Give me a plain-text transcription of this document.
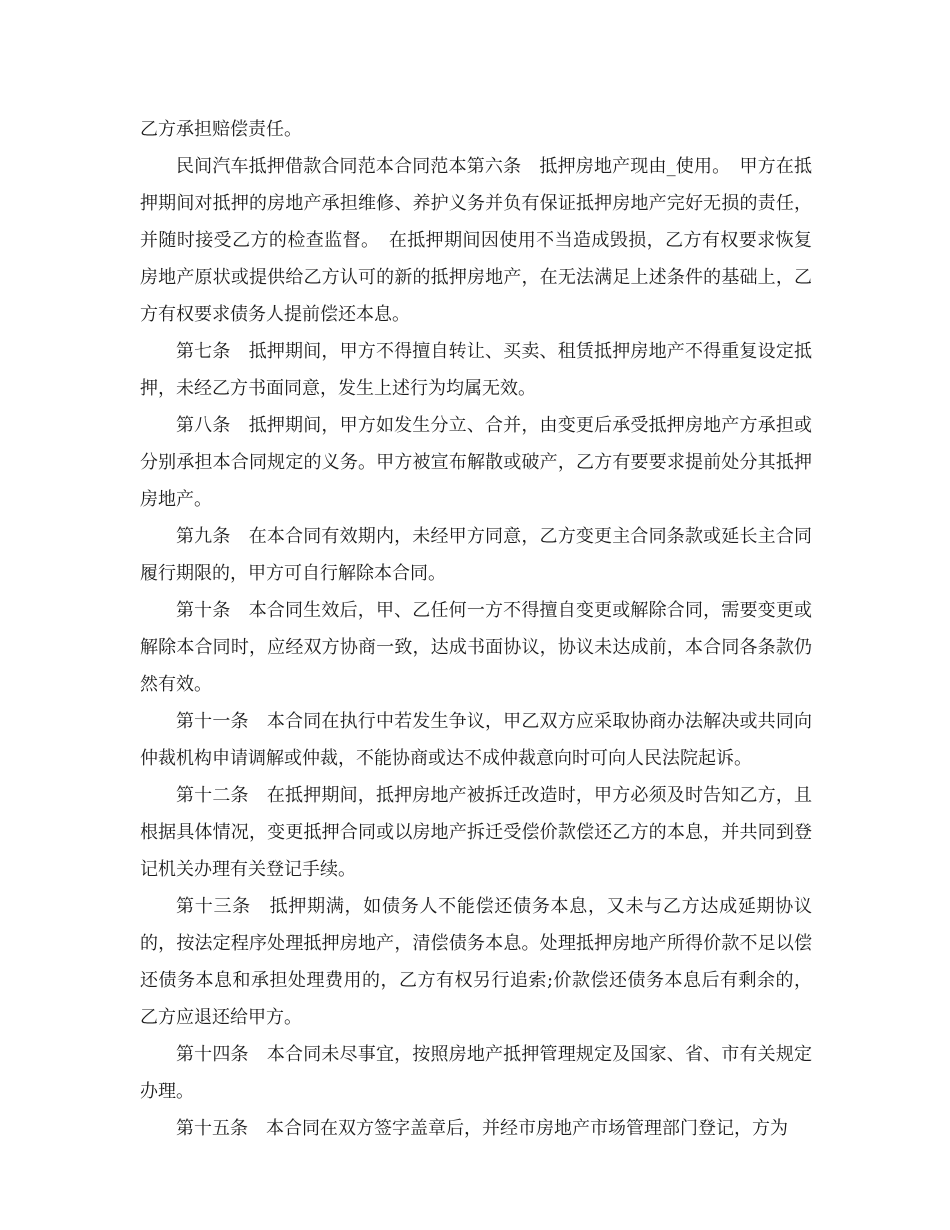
乙方承担赔偿责任。

民间汽车抵押借款合同范本合同范本第六条　抵押房地产现由_使用。　甲方在抵押期间对抵押的房地产承担维修、养护义务并负有保证抵押房地产完好无损的责任，并随时接受乙方的检查监督。　在抵押期间因使用不当造成毁损，乙方有权要求恢复房地产原状或提供给乙方认可的新的抵押房地产，在无法满足上述条件的基础上，乙方有权要求债务人提前偿还本息。

第七条　抵押期间，甲方不得擅自转让、买卖、租赁抵押房地产不得重复设定抵押，未经乙方书面同意，发生上述行为均属无效。

第八条　抵押期间，甲方如发生分立、合并，由变更后承受抵押房地产方承担或分别承担本合同规定的义务。甲方被宣布解散或破产，乙方有要要求提前处分其抵押房地产。

第九条　在本合同有效期内，未经甲方同意，乙方变更主合同条款或延长主合同履行期限的，甲方可自行解除本合同。

第十条　本合同生效后，甲、乙任何一方不得擅自变更或解除合同，需要变更或解除本合同时，应经双方协商一致，达成书面协议，协议未达成前，本合同各条款仍然有效。

第十一条　本合同在执行中若发生争议，甲乙双方应采取协商办法解决或共同向仲裁机构申请调解或仲裁，不能协商或达不成仲裁意向时可向人民法院起诉。

第十二条　在抵押期间，抵押房地产被拆迁改造时，甲方必须及时告知乙方，且根据具体情况，变更抵押合同或以房地产拆迁受偿价款偿还乙方的本息，并共同到登记机关办理有关登记手续。

第十三条　抵押期满，如债务人不能偿还债务本息，又未与乙方达成延期协议的，按法定程序处理抵押房地产，清偿债务本息。处理抵押房地产所得价款不足以偿还债务本息和承担处理费用的，乙方有权另行追索;价款偿还债务本息后有剩余的，乙方应退还给甲方。

第十四条　本合同未尽事宜，按照房地产抵押管理规定及国家、省、市有关规定办理。

第十五条　本合同在双方签字盖章后，并经市房地产市场管理部门登记，方为
